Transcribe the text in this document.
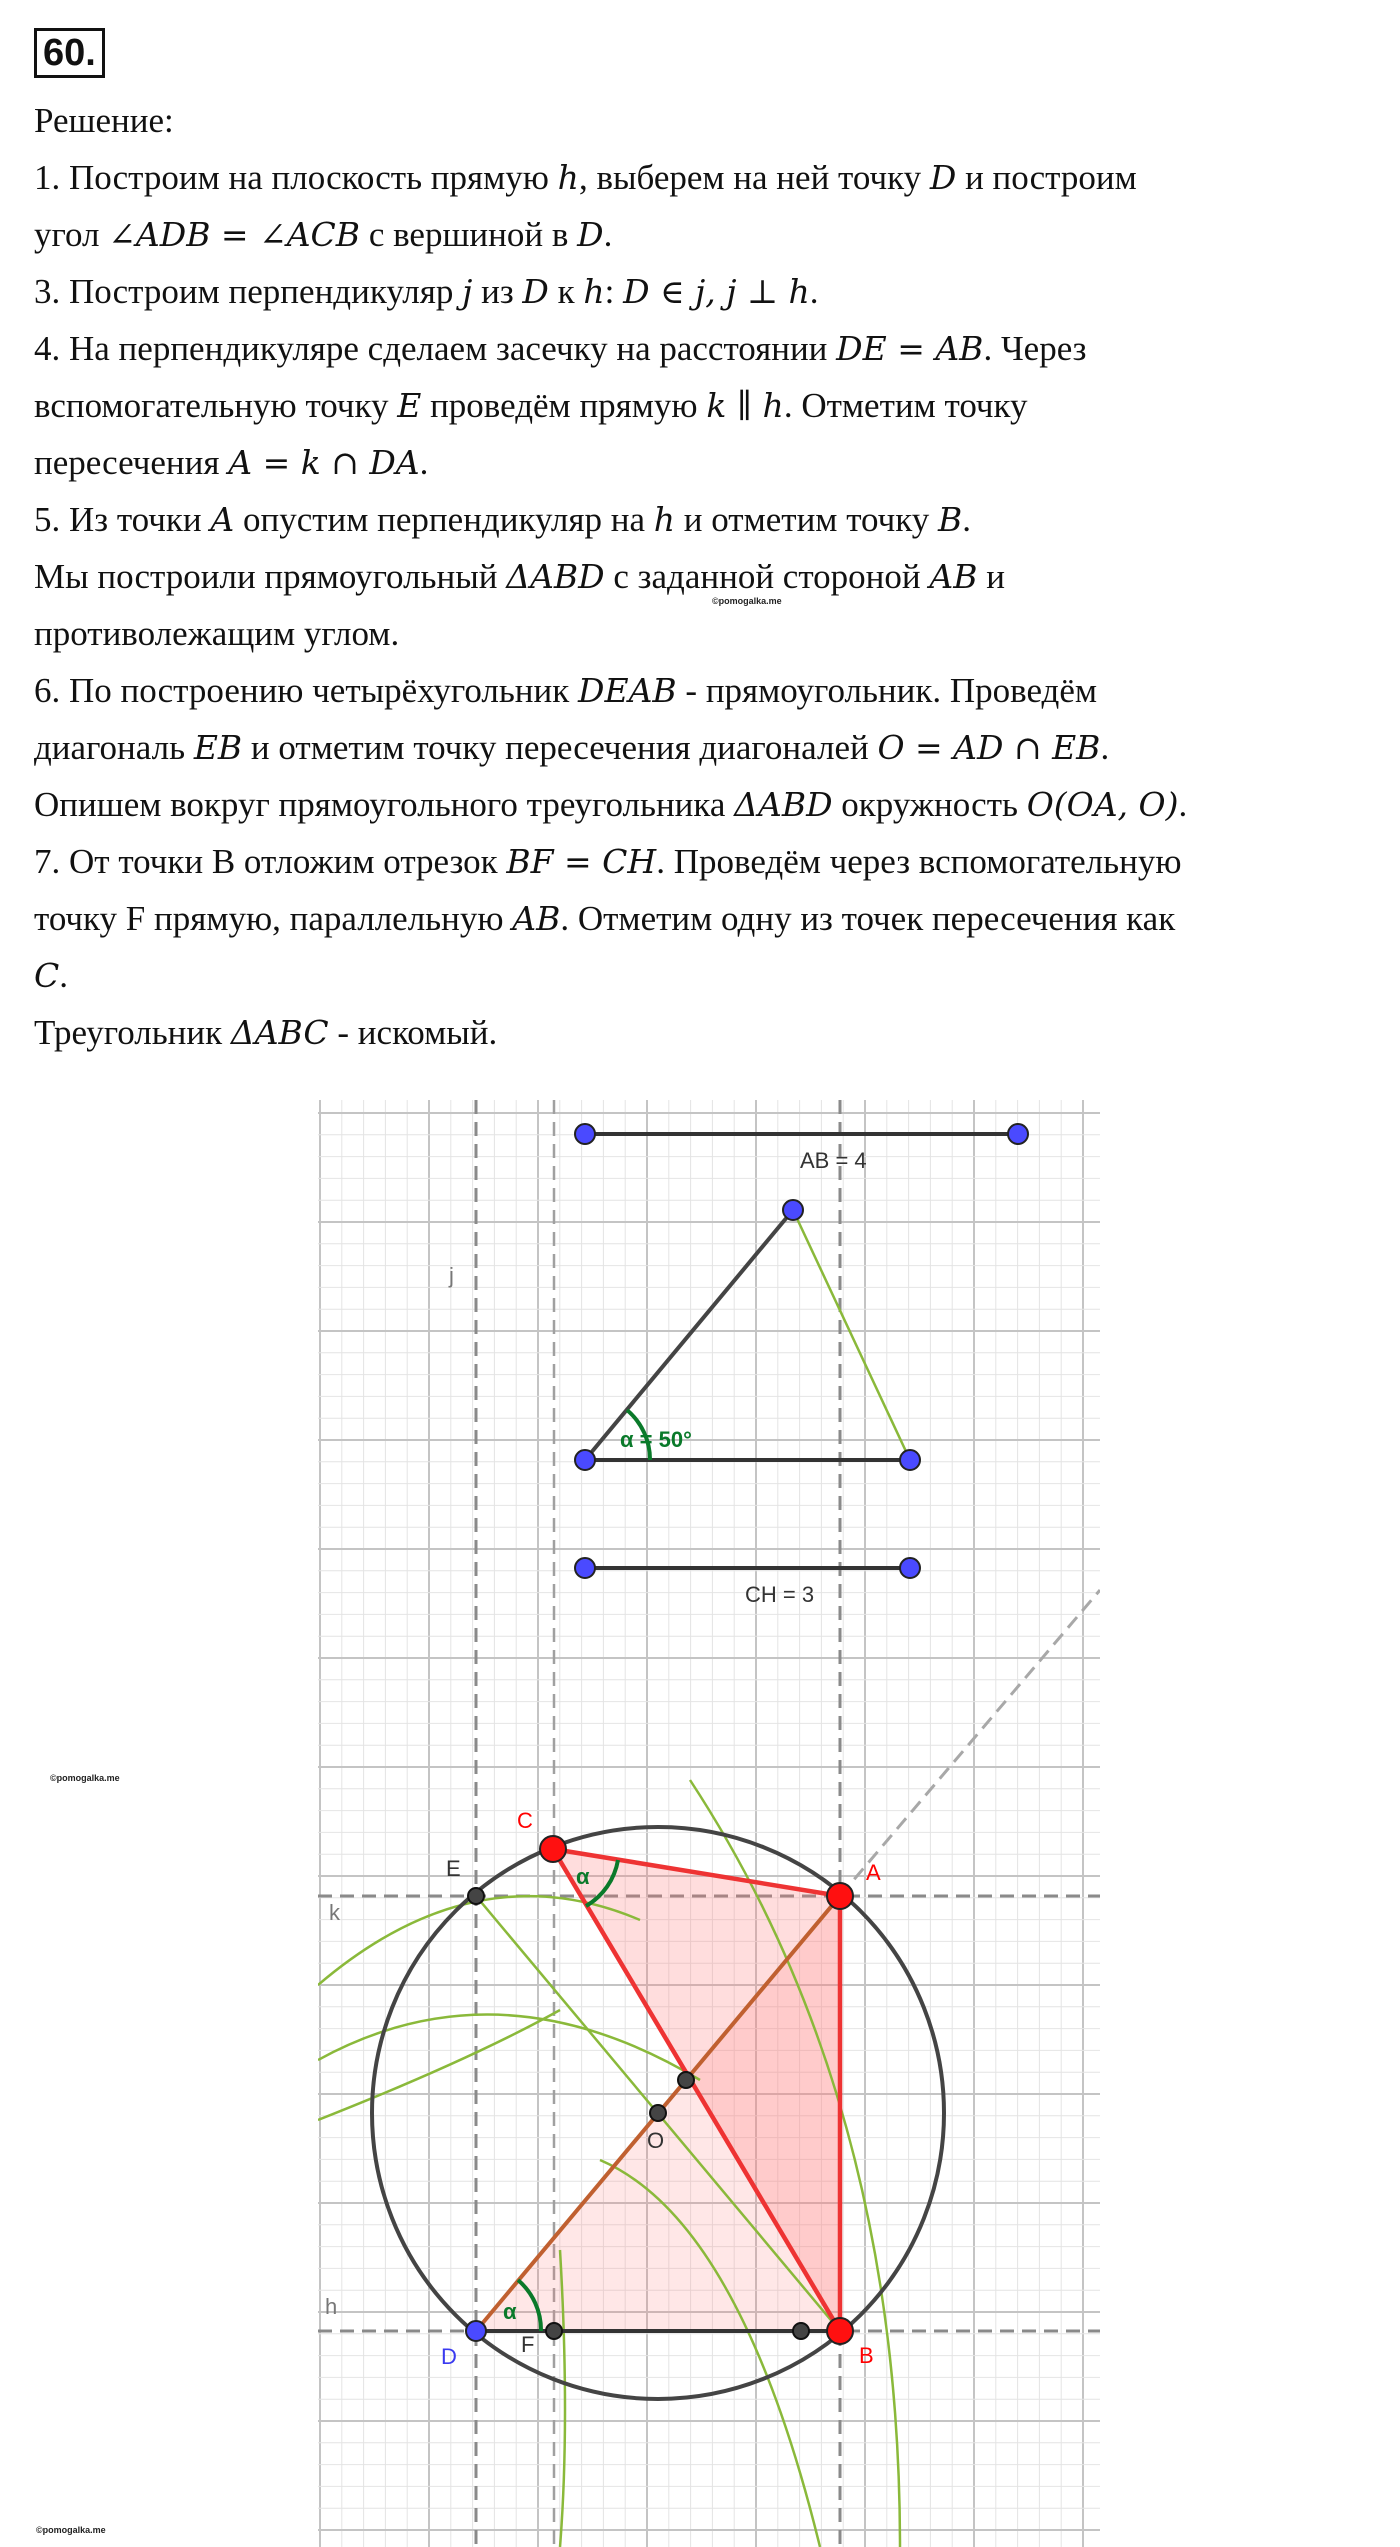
60.
Решение:
1. Построим на плоскость прямую h, выберем на ней точку D и построим
угол ∠ADB = ∠ACB с вершиной в D.
3. Построим перпендикуляр j из D к h: D ∈ j, j ⊥ h.
4. На перпендикуляре сделаем засечку на расстоянии DE = AB. Через
вспомогательную точку E проведём прямую k ∥ h. Отметим точку
пересечения A = k ∩ DA.
5. Из точки A опустим перпендикуляр на h и отметим точку B.
Мы построили прямоугольный ΔABD с заданной стороной AB и
противолежащим углом.
6. По построению четырёхугольник DEAB - прямоугольник. Проведём
диагональ EB и отметим точку пересечения диагоналей O = AD ∩ EB.
Опишем вокруг прямоугольного треугольника ΔABD окружность O(OA, O).
7. От точки В отложим отрезок BF = CH. Проведём через вспомогательную
точку F прямую, параллельную AB. Отметим одну из точек пересечения как
C.
Треугольник ΔABC - искомый.
©pomogalka.me
©pomogalka.me
©pomogalka.me
AB = 4
CH = 3
α = 50°
α
α
j
k
h
C
E	A
O
D	F	B
